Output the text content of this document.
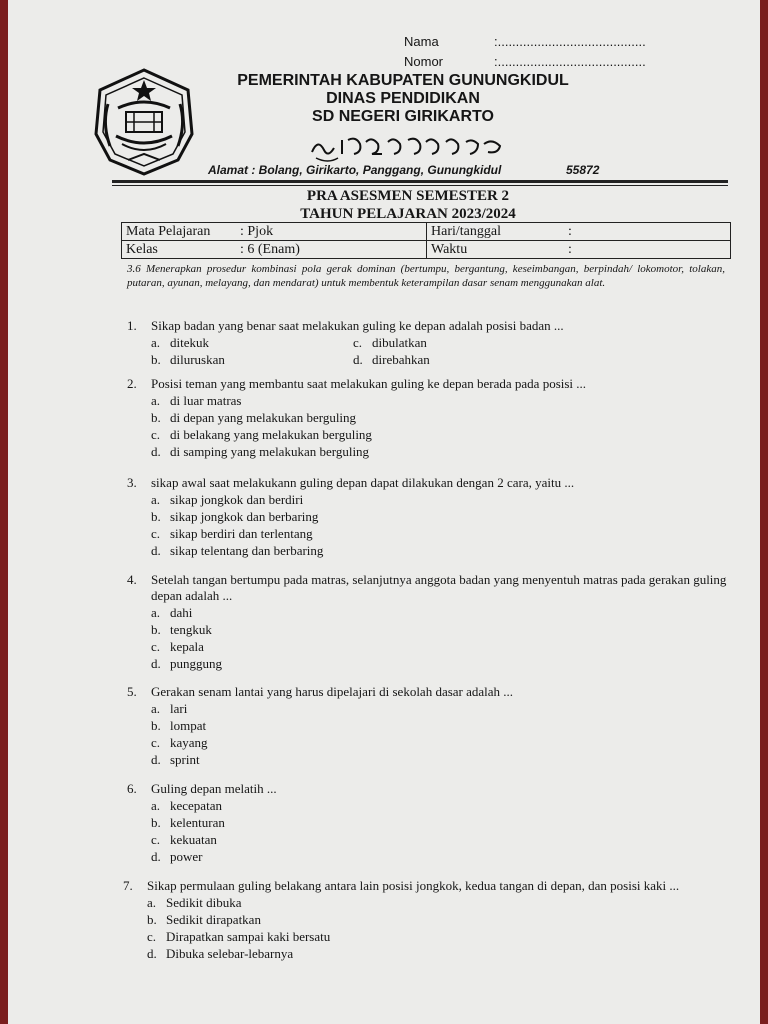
Nama	:.........................................
Nomor	:.........................................
PEMERINTAH KABUPATEN GUNUNGKIDUL
DINAS PENDIDIKAN
SD NEGERI GIRIKARTO
Alamat : Bolang, Girikarto, Panggang, Gunungkidul	55872
PRA ASESMEN SEMESTER 2
TAHUN PELAJARAN 2023/2024
Mata Pelajaran : Pjok	Hari/tanggal :
Kelas : 6 (Enam)	Waktu :
3.6 Menerapkan prosedur kombinasi pola gerak dominan (bertumpu, bergantung, keseimbangan, berpindah/ lokomotor, tolakan, putaran, ayunan, melayang, dan mendarat) untuk membentuk keterampilan dasar senam menggunakan alat.
1. Sikap badan yang benar saat melakukan guling ke depan adalah posisi badan ...
a. ditekuk	c. dibulatkan
b. diluruskan	d. direbahkan
2. Posisi teman yang membantu saat melakukan guling ke depan berada pada posisi ...
a. di luar matras
b. di depan yang melakukan berguling
c. di belakang yang melakukan berguling
d. di samping yang melakukan berguling
3. sikap awal saat melakukann guling depan dapat dilakukan dengan 2 cara, yaitu ...
a. sikap jongkok dan berdiri
b. sikap jongkok dan berbaring
c. sikap berdiri dan terlentang
d. sikap telentang dan berbaring
4. Setelah tangan bertumpu pada matras, selanjutnya anggota badan yang menyentuh matras pada gerakan guling depan adalah ...
a. dahi
b. tengkuk
c. kepala
d. punggung
5. Gerakan senam lantai yang harus dipelajari di sekolah dasar adalah ...
a. lari
b. lompat
c. kayang
d. sprint
6. Guling depan melatih ...
a. kecepatan
b. kelenturan
c. kekuatan
d. power
7. Sikap permulaan guling belakang antara lain posisi jongkok, kedua tangan di depan, dan posisi kaki ...
a. Sedikit dibuka
b. Sedikit dirapatkan
c. Dirapatkan sampai kaki bersatu
d. Dibuka selebar-lebarnya
